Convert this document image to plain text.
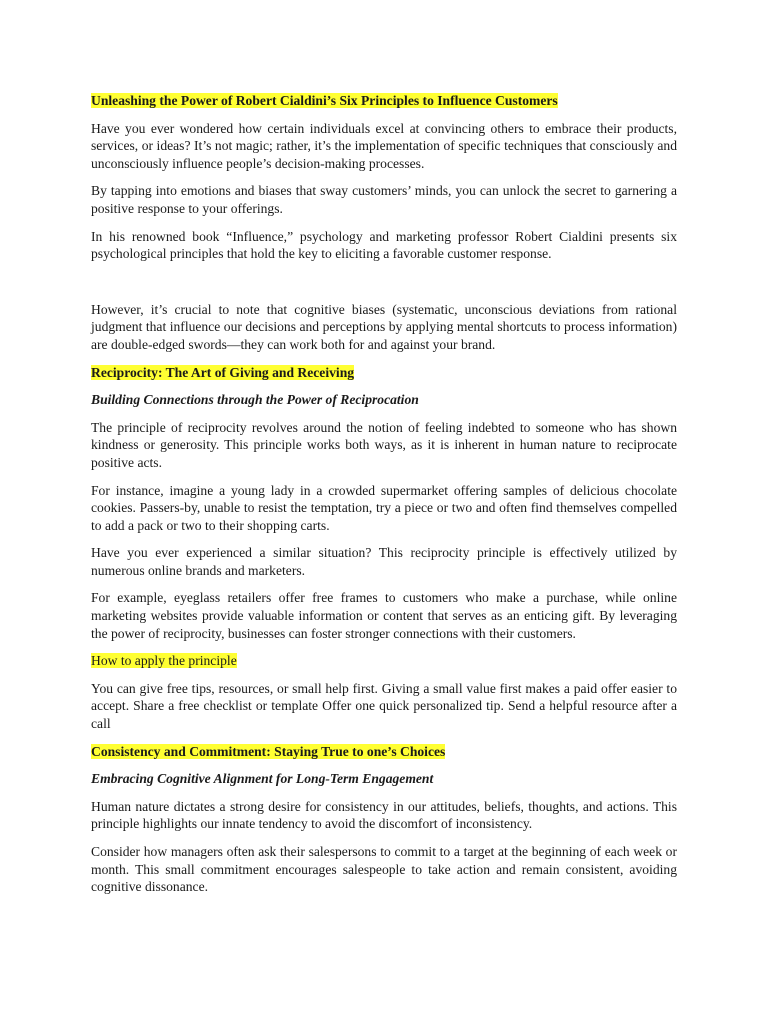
Unleashing the Power of Robert Cialdini’s Six Principles to Influence Customers

Have you ever wondered how certain individuals excel at convincing others to embrace their products, services, or ideas? It’s not magic; rather, it’s the implementation of specific techniques that consciously and unconsciously influence people’s decision-making processes.

By tapping into emotions and biases that sway customers’ minds, you can unlock the secret to garnering a positive response to your offerings.

In his renowned book “Influence,” psychology and marketing professor Robert Cialdini presents six psychological principles that hold the key to eliciting a favorable customer response.

However, it’s crucial to note that cognitive biases (systematic, unconscious deviations from rational judgment that influence our decisions and perceptions by applying mental shortcuts to process information) are double-edged swords—they can work both for and against your brand.

Reciprocity: The Art of Giving and Receiving

Building Connections through the Power of Reciprocation

The principle of reciprocity revolves around the notion of feeling indebted to someone who has shown kindness or generosity. This principle works both ways, as it is inherent in human nature to reciprocate positive acts.

For instance, imagine a young lady in a crowded supermarket offering samples of delicious chocolate cookies. Passers-by, unable to resist the temptation, try a piece or two and often find themselves compelled to add a pack or two to their shopping carts.

Have you ever experienced a similar situation? This reciprocity principle is effectively utilized by numerous online brands and marketers.

For example, eyeglass retailers offer free frames to customers who make a purchase, while online marketing websites provide valuable information or content that serves as an enticing gift. By leveraging the power of reciprocity, businesses can foster stronger connections with their customers.

How to apply the principle

You can give free tips, resources, or small help first. Giving a small value first makes a paid offer easier to accept. Share a free checklist or template Offer one quick personalized tip. Send a helpful resource after a call

Consistency and Commitment: Staying True to one’s Choices

Embracing Cognitive Alignment for Long-Term Engagement

Human nature dictates a strong desire for consistency in our attitudes, beliefs, thoughts, and actions. This principle highlights our innate tendency to avoid the discomfort of inconsistency.

Consider how managers often ask their salespersons to commit to a target at the beginning of each week or month. This small commitment encourages salespeople to take action and remain consistent, avoiding cognitive dissonance.
